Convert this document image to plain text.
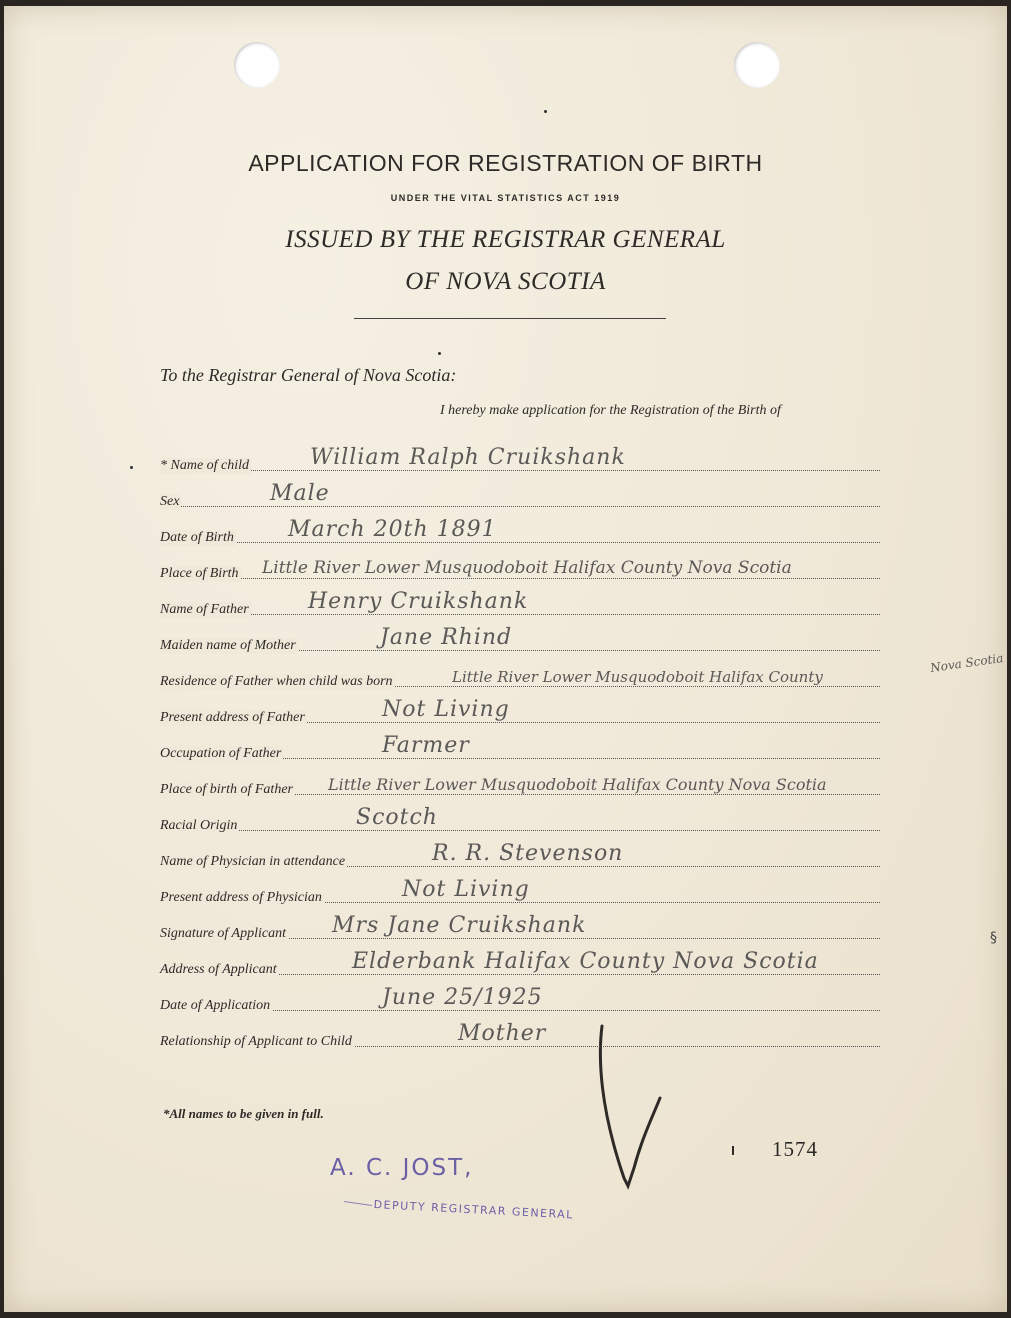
APPLICATION FOR REGISTRATION OF BIRTH
UNDER THE VITAL STATISTICS ACT 1919
ISSUED BY THE REGISTRAR GENERAL
OF NOVA SCOTIA
To the Registrar General of Nova Scotia:
I hereby make application for the Registration of the Birth of
* Name of child	William Ralph Cruikshank
Sex	Male
Date of Birth March 20th 1891
Place of Birth Little River Lower Musquodoboit Halifax County Nova Scotia
Name of Father	Henry Cruikshank
Maiden name of Mother	Jane Rhind
Residence of Father when child was born	Little River Lower Musquodoboit Halifax County
Nova Scotia
Present address of Father	Not Living
Occupation of Father	Farmer
Place of birth of Father Little River Lower Musquodoboit Halifax County Nova Scotia
Racial Origin	Scotch
Name of Physician in attendance	R. R. Stevenson
Present address of Physician	Not Living
Signature of Applicant Mrs Jane Cruikshank
Address of Applicant	Elderbank Halifax County Nova Scotia
Date of Application	June 25/1925
Relationship of Applicant to Child	Mother
*All names to be given in full.
1574
A. C. JOST,
DEPUTY REGISTRAR GENERAL
§
